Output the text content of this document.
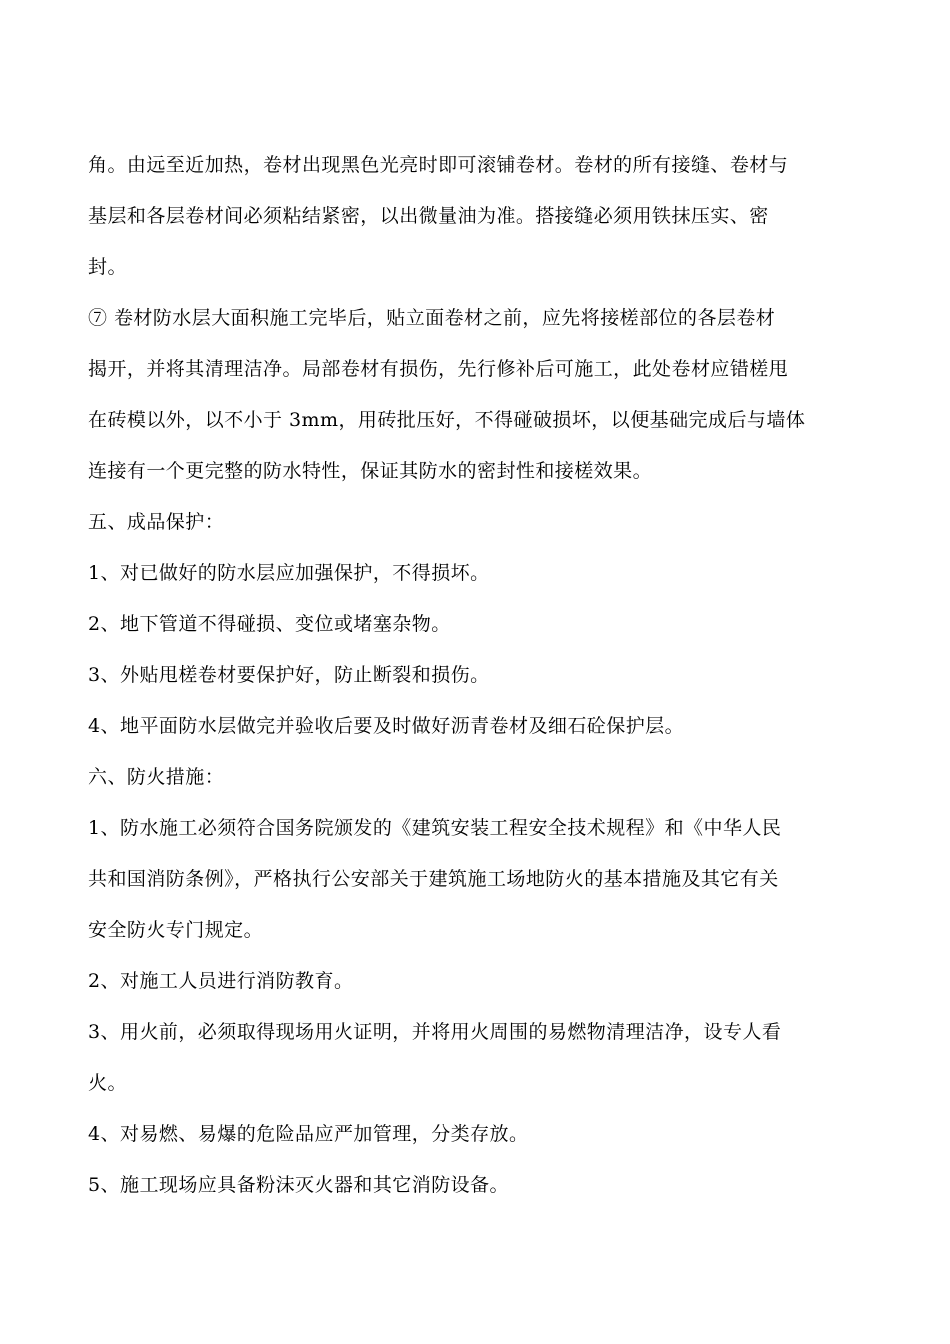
角。由远至近加热，卷材出现黑色光亮时即可滚铺卷材。卷材的所有接缝、卷材与
基层和各层卷材间必须粘结紧密，以出微量油为准。搭接缝必须用铁抹压实、密
封。
⑦ 卷材防水层大面积施工完毕后，贴立面卷材之前，应先将接槎部位的各层卷材
揭开，并将其清理洁净。局部卷材有损伤，先行修补后可施工，此处卷材应错槎甩
在砖模以外，以不小于 3mm，用砖批压好，不得碰破损坏，以便基础完成后与墙体
连接有一个更完整的防水特性，保证其防水的密封性和接槎效果。
五、成品保护：
1、对已做好的防水层应加强保护，不得损坏。
2、地下管道不得碰损、变位或堵塞杂物。
3、外贴甩槎卷材要保护好，防止断裂和损伤。
4、地平面防水层做完并验收后要及时做好沥青卷材及细石砼保护层。
六、防火措施：
1、防水施工必须符合国务院颁发的《建筑安装工程安全技术规程》和《中华人民
共和国消防条例》，严格执行公安部关于建筑施工场地防火的基本措施及其它有关
安全防火专门规定。
2、对施工人员进行消防教育。
3、用火前，必须取得现场用火证明，并将用火周围的易燃物清理洁净，设专人看
火。
4、对易燃、易爆的危险品应严加管理，分类存放。
5、施工现场应具备粉沫灭火器和其它消防设备。
